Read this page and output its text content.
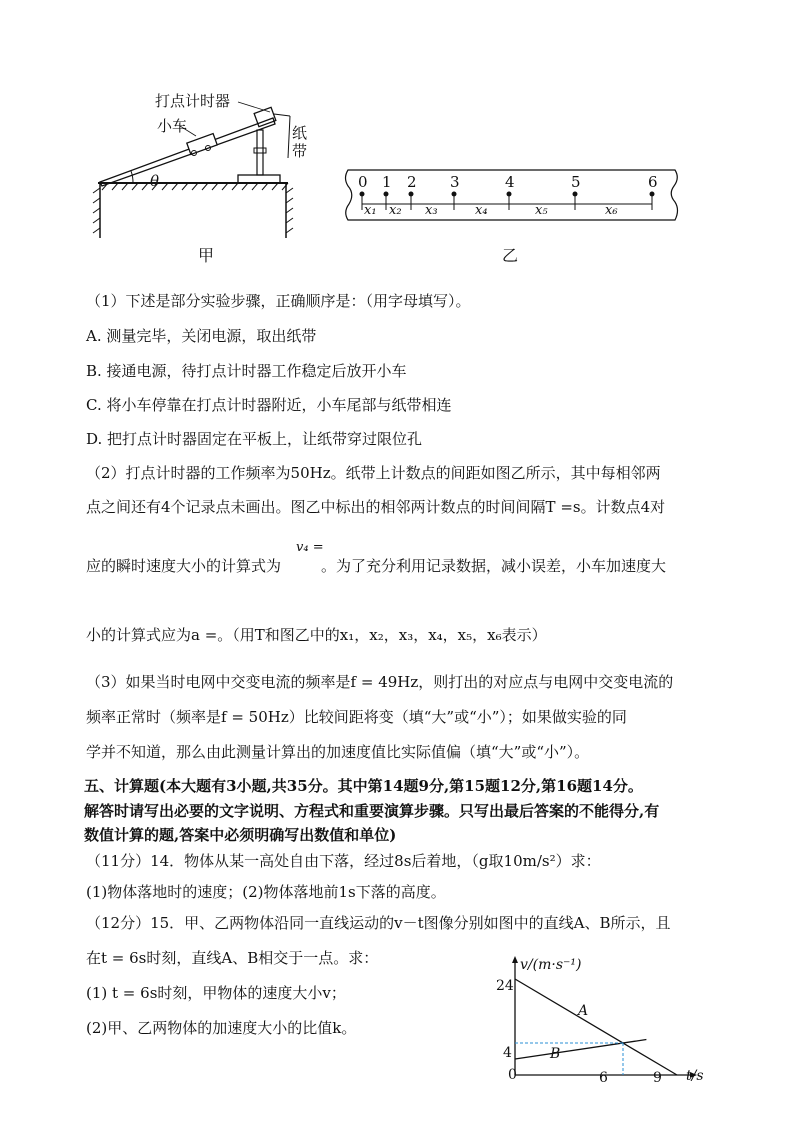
打点计时器
小车	纸带
θ
甲
0 1 2 3	4	5	6
x₁ x₂ x₃	x₄	x₅	x₆
乙
（1）下述是部分实验步骤，正确顺序是：（用字母填写）。
A. 测量完毕，关闭电源，取出纸带
B. 接通电源，待打点计时器工作稳定后放开小车
C. 将小车停靠在打点计时器附近，小车尾部与纸带相连
D. 把打点计时器固定在平板上，让纸带穿过限位孔
（2）打点计时器的工作频率为50Hz。纸带上计数点的间距如图乙所示，其中每相邻两
点之间还有4个记录点未画出。图乙中标出的相邻两计数点的时间间隔T =s。计数点4对
v₄ =
应的瞬时速度大小的计算式为	。为了充分利用记录数据，减小误差，小车加速度大
小的计算式应为a =。（用T和图乙中的x₁，x₂，x₃，x₄，x₅，x₆表示）
（3）如果当时电网中交变电流的频率是f = 49Hz，则打出的对应点与电网中交变电流的
频率正常时（频率是f = 50Hz）比较间距将变（填“大”或“小”）；如果做实验的同
学并不知道，那么由此测量计算出的加速度值比实际值偏（填“大”或“小”）。
五、计算题(本大题有3小题,共35分。其中第14题9分,第15题12分,第16题14分。
解答时请写出必要的文字说明、方程式和重要演算步骤。只写出最后答案的不能得分,有
数值计算的题,答案中必须明确写出数值和单位)
（11分）14．物体从某一高处自由下落，经过8s后着地，（g取10m/s²）求：
(1)物体落地时的速度；(2)物体落地前1s下落的高度。
（12分）15．甲、乙两物体沿同一直线运动的v－t图像分别如图中的直线A、B所示，且
在t = 6s时刻，直线A、B相交于一点。求：
(1) t = 6s时刻，甲物体的速度大小v；
(2)甲、乙两物体的加速度大小的比值k。
v/(m·s⁻¹)
t/s
24
4
0	6	9
A
B
